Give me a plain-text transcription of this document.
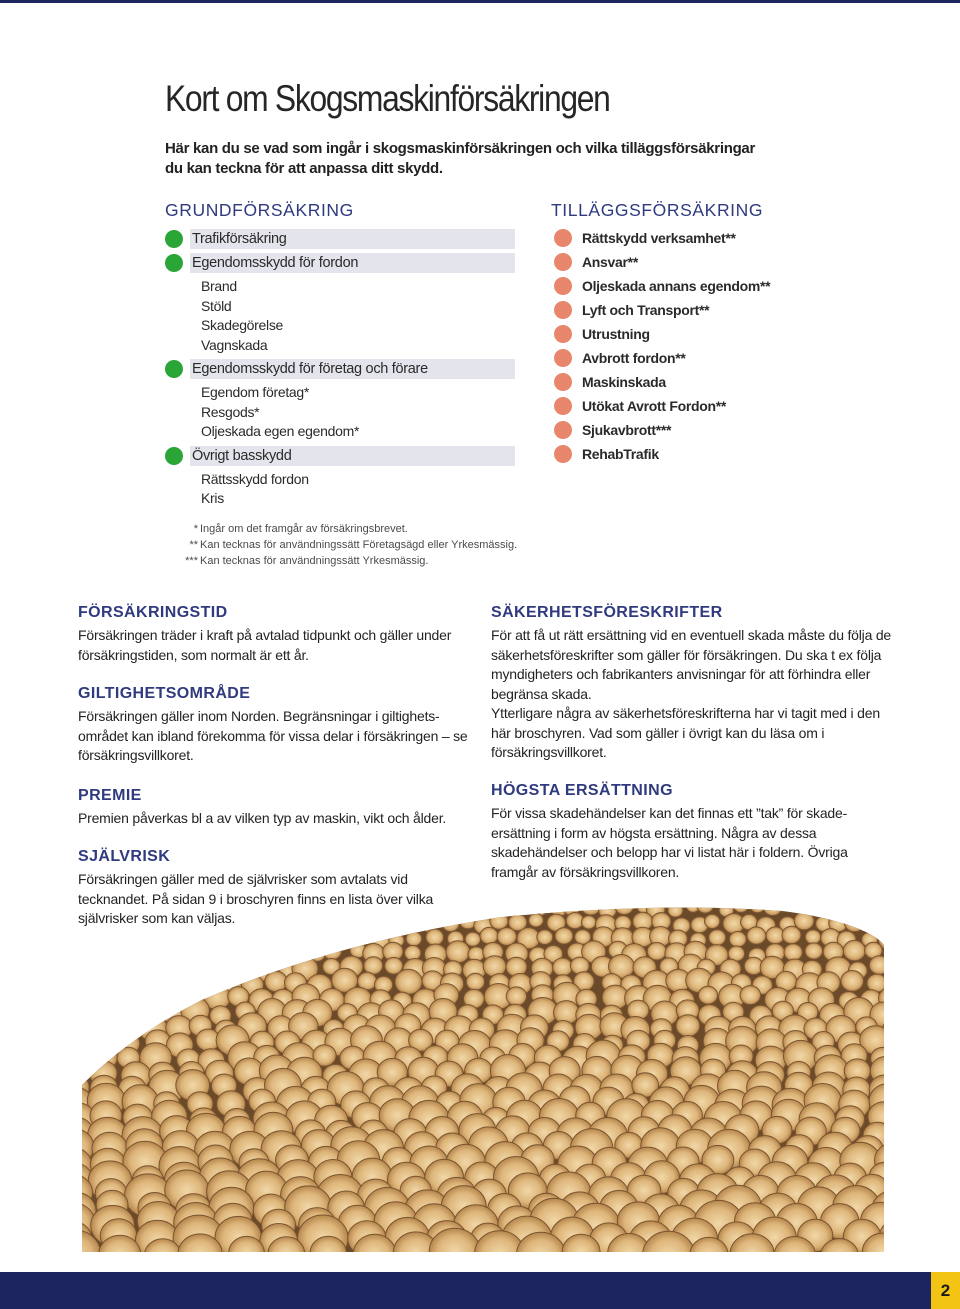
Kort om Skogsmaskinförsäkringen

Här kan du se vad som ingår i skogsmaskinförsäkringen och vilka tilläggsförsäkringar du kan teckna för att anpassa ditt skydd.

GRUNDFÖRSÄKRING
Trafikförsäkring
Egendomsskydd för fordon
Brand
Stöld
Skadegörelse
Vagnskada
Egendomsskydd för företag och förare
Egendom företag*
Resgods*
Oljeskada egen egendom*
Övrigt basskydd
Rättsskydd fordon
Kris
TILLÄGGSFÖRSÄKRING
Rättskydd verksamhet**
Ansvar**
Oljeskada annans egendom**
Lyft och Transport**
Utrustning
Avbrott fordon**
Maskinskada
Utökat Avrott Fordon**
Sjukavbrott***
RehabTrafik

* Ingår om det framgår av försäkringsbrevet.

** Kan tecknas för användningssätt Företagsägd eller Yrkesmässig.

*** Kan tecknas för användningssätt Yrkesmässig.

FÖRSÄKRINGSTID

Försäkringen träder i kraft på avtalad tidpunkt och gäller under försäkringstiden, som normalt är ett år.

GILTIGHETSOMRÅDE

Försäkringen gäller inom Norden. Begränsningar i giltighets-området kan ibland förekomma för vissa delar i försäkringen – se försäkringsvillkoret.

PREMIE

Premien påverkas bl a av vilken typ av maskin, vikt och ålder.

SJÄLVRISK

Försäkringen gäller med de självrisker som avtalats vid tecknandet. På sidan 9 i broschyren finns en lista över vilka självrisker som kan väljas.

SÄKERHETSFÖRESKRIFTER

För att få ut rätt ersättning vid en eventuell skada måste du följa de säkerhetsföreskrifter som gäller för försäkringen. Du ska t ex följa myndigheters och fabrikanters anvisningar för att förhindra eller begränsa skada.

Ytterligare några av säkerhetsföreskrifterna har vi tagit med i den här broschyren. Vad som gäller i övrigt kan du läsa om i försäkringsvillkoret.

HÖGSTA ERSÄTTNING

För vissa skadehändelser kan det finnas ett ”tak” för skade-ersättning i form av högsta ersättning. Några av dessa skadehändelser och belopp har vi listat här i foldern. Övriga framgår av försäkringsvillkoren.

2
